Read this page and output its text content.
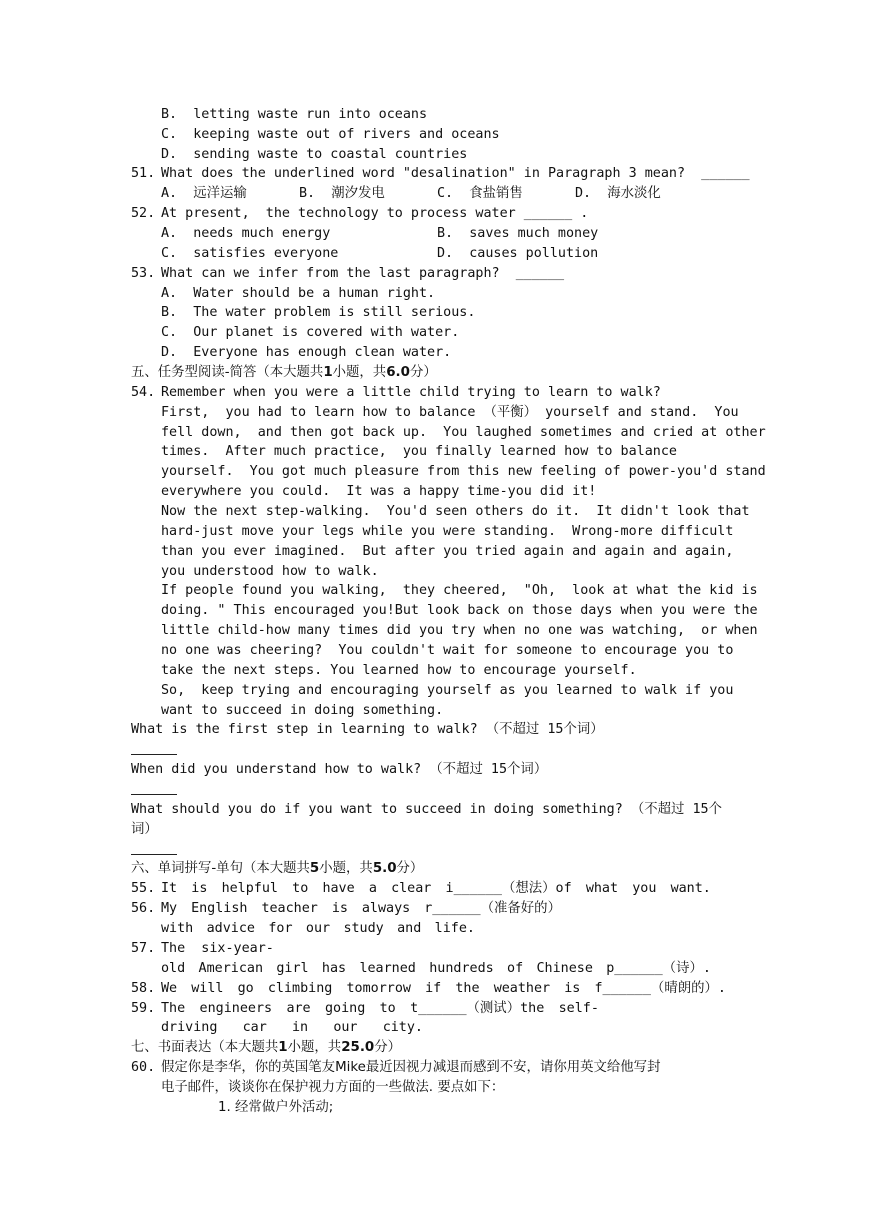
B.  letting waste run into oceans
C.  keeping waste out of rivers and oceans
D.  sending waste to coastal countries
51. What does the underlined word "desalination" in Paragraph 3 mean?  ______
A.  远洋运输	B.  潮汐发电	C.  食盐销售	D.  海水淡化
52. At present,  the technology to process water ______ .
A.  needs much energy	B.  saves much money
C.  satisfies everyone	D.  causes pollution
53. What can we infer from the last paragraph?  ______
A.  Water should be a human right.
B.  The water problem is still serious.
C.  Our planet is covered with water.
D.  Everyone has enough clean water.
五、任务型阅读-简答（本大题共1小题，共6.0分）
54. Remember when you were a little child trying to learn to walk?
First,  you had to learn how to balance （平衡） yourself and stand.  You
fell down,  and then got back up.  You laughed sometimes and cried at other
times.  After much practice,  you finally learned how to balance
yourself.  You got much pleasure from this new feeling of power-you'd stand
everywhere you could.  It was a happy time-you did it!
Now the next step-walking.  You'd seen others do it.  It didn't look that
hard-just move your legs while you were standing.  Wrong-more difficult
than you ever imagined.  But after you tried again and again and again,
you understood how to walk.
If people found you walking,  they cheered,  "Oh,  look at what the kid is
doing. " This encouraged you!But look back on those days when you were the
little child-how many times did you try when no one was watching,  or when
no one was cheering?  You couldn't wait for someone to encourage you to
take the next steps. You learned how to encourage yourself.
So,  keep trying and encouraging yourself as you learned to walk if you
want to succeed in doing something.
What is the first step in learning to walk? （不超过 15个词）
When did you understand how to walk? （不超过 15个词）
What should you do if you want to succeed in doing something? （不超过 15个
词）
六、单词拼写-单句（本大题共5小题，共5.0分）
55. It is helpful to have a clear i______（想法）of what you want.
56. My English teacher is always r______（准备好的）
with advice for our study and life.
57. The  six-year-
old American girl has learned hundreds of Chinese p______（诗）.
58. We will go climbing tomorrow if the weather is f______（晴朗的）.
59. The engineers are going to t______（测试）the self-
driving car in our city.
七、书面表达（本大题共1小题，共25.0分）
60. 假定你是李华，你的英国笔友Mike最近因视力减退而感到不安，请你用英文给他写封
电子邮件，谈谈你在保护视力方面的一些做法. 要点如下：
1. 经常做户外活动;
